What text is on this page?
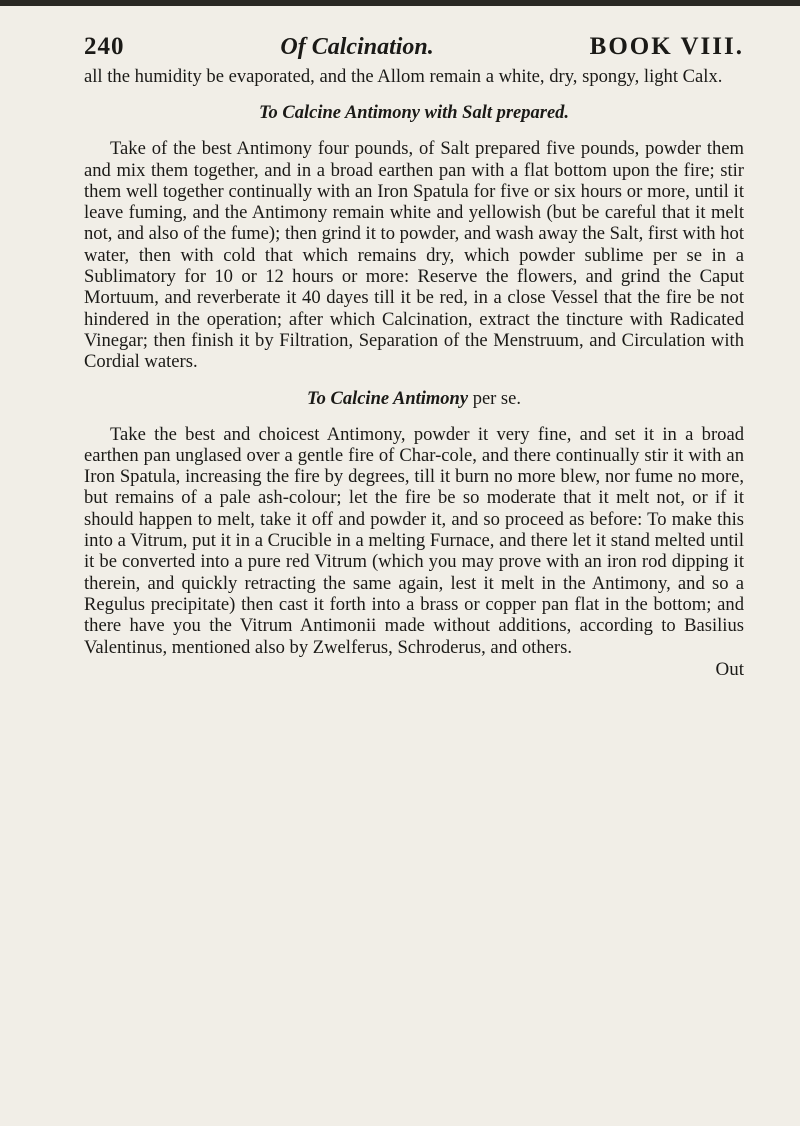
240	Of Calcination.	BOOK VIII.

all the humidity be evaporated, and the Allom remain a white, dry, spongy, light Calx.

To Calcine Antimony with Salt prepared.

Take of the best Antimony four pounds, of Salt prepared five pounds, powder them and mix them together, and in a broad earthen pan with a flat bottom upon the fire; stir them well together continually with an Iron Spatula for five or six hours or more, until it leave fuming, and the Antimony remain white and yellowish (but be careful that it melt not, and also of the fume); then grind it to powder, and wash away the Salt, first with hot water, then with cold that which remains dry, which powder sublime per se in a Sublimatory for 10 or 12 hours or more: Reserve the flowers, and grind the Caput Mortuum, and reverberate it 40 dayes till it be red, in a close Vessel that the fire be not hindered in the operation; after which Calcination, extract the tincture with Radicated Vinegar; then finish it by Filtration, Separation of the Menstruum, and Circulation with Cordial waters.

To Calcine Antimony per se.

Take the best and choicest Antimony, powder it very fine, and set it in a broad earthen pan unglased over a gentle fire of Char-cole, and there continually stir it with an Iron Spatula, increasing the fire by degrees, till it burn no more blew, nor fume no more, but remains of a pale ash-colour; let the fire be so moderate that it melt not, or if it should happen to melt, take it off and powder it, and so proceed as before: To make this into a Vitrum, put it in a Crucible in a melting Furnace, and there let it stand melted until it be converted into a pure red Vitrum (which you may prove with an iron rod dipping it therein, and quickly retracting the same again, lest it melt in the Antimony, and so a Regulus precipitate) then cast it forth into a brass or copper pan flat in the bottom; and there have you the Vitrum Antimonii made without additions, according to Basilius Valentinus, mentioned also by Zwelferus, Schroderus, and others.

Out
